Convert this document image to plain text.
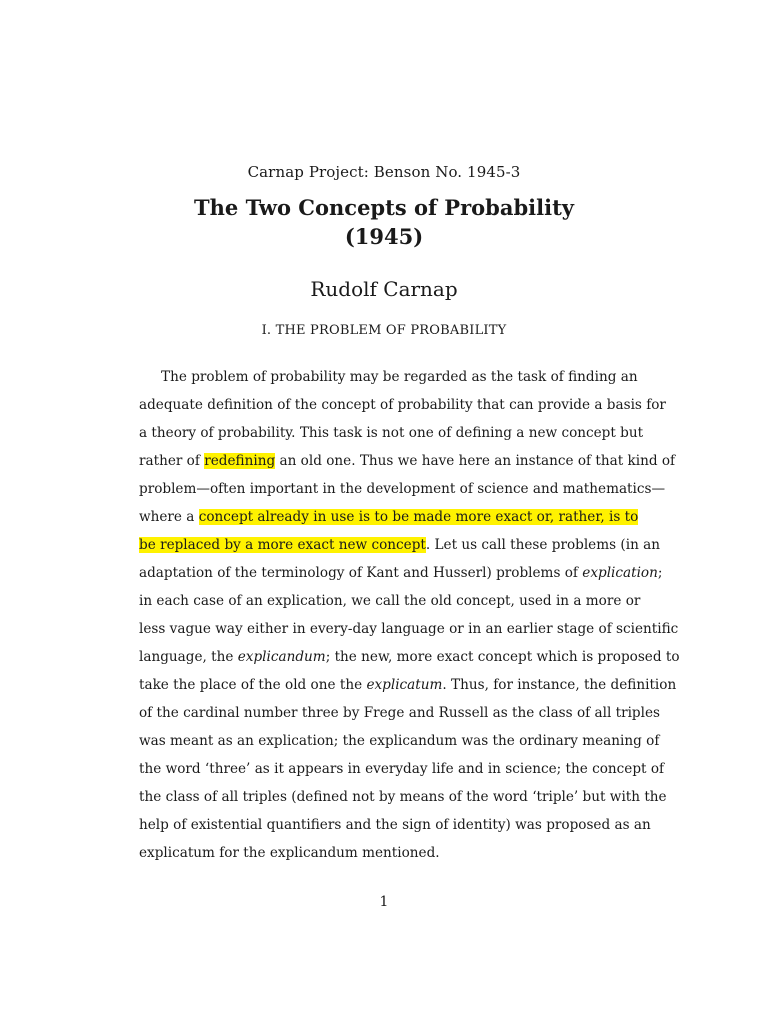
Carnap Project: Benson No. 1945-3
The Two Concepts of Probability
(1945)
Rudolf Carnap
I. THE PROBLEM OF PROBABILITY
The problem of probability may be regarded as the task of finding an
adequate definition of the concept of probability that can provide a basis for
a theory of probability. This task is not one of defining a new concept but
rather of redefining an old one. Thus we have here an instance of that kind of
problem—often important in the development of science and mathematics—
where a concept already in use is to be made more exact or, rather, is to
be replaced by a more exact new concept. Let us call these problems (in an
adaptation of the terminology of Kant and Husserl) problems of explication;
in each case of an explication, we call the old concept, used in a more or
less vague way either in every-day language or in an earlier stage of scientific
language, the explicandum; the new, more exact concept which is proposed to
take the place of the old one the explicatum. Thus, for instance, the definition
of the cardinal number three by Frege and Russell as the class of all triples
was meant as an explication; the explicandum was the ordinary meaning of
the word ‘three’ as it appears in everyday life and in science; the concept of
the class of all triples (defined not by means of the word ‘triple’ but with the
help of existential quantifiers and the sign of identity) was proposed as an
explicatum for the explicandum mentioned.
1
